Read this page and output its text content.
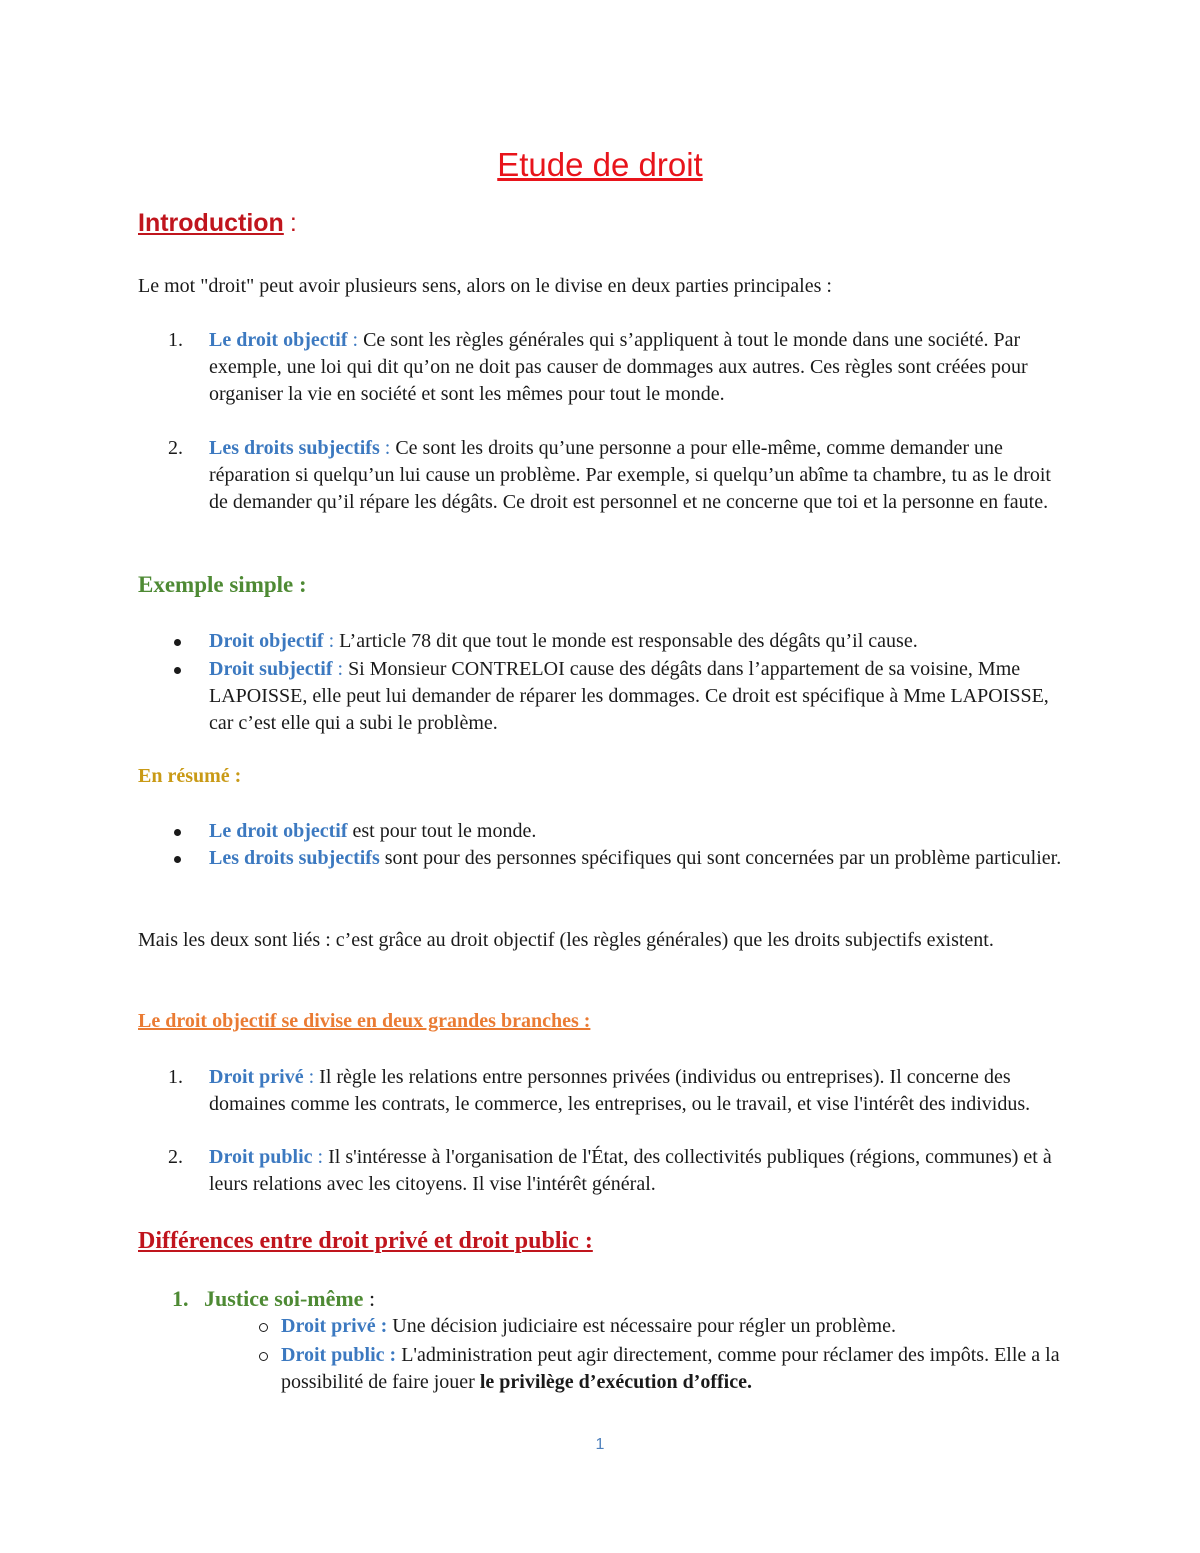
Etude de droit
Introduction :
Le mot "droit" peut avoir plusieurs sens, alors on le divise en deux parties principales :
1.	Le droit objectif : Ce sont les règles générales qui s’appliquent à tout le monde dans une société. Par exemple, une loi qui dit qu’on ne doit pas causer de dommages aux autres. Ces règles sont créées pour organiser la vie en société et sont les mêmes pour tout le monde.
2.	Les droits subjectifs : Ce sont les droits qu’une personne a pour elle-même, comme demander une réparation si quelqu’un lui cause un problème. Par exemple, si quelqu’un abîme ta chambre, tu as le droit de demander qu’il répare les dégâts. Ce droit est personnel et ne concerne que toi et la personne en faute.
Exemple simple :
Droit objectif : L’article 78 dit que tout le monde est responsable des dégâts qu’il cause.
Droit subjectif : Si Monsieur CONTRELOI cause des dégâts dans l’appartement de sa voisine, Mme LAPOISSE, elle peut lui demander de réparer les dommages. Ce droit est spécifique à Mme LAPOISSE, car c’est elle qui a subi le problème.
En résumé :
Le droit objectif est pour tout le monde.
Les droits subjectifs sont pour des personnes spécifiques qui sont concernées par un problème particulier.
Mais les deux sont liés : c’est grâce au droit objectif (les règles générales) que les droits subjectifs existent.
Le droit objectif se divise en deux grandes branches :
1.	Droit privé : Il règle les relations entre personnes privées (individus ou entreprises). Il concerne des domaines comme les contrats, le commerce, les entreprises, ou le travail, et vise l'intérêt des individus.
2.	Droit public : Il s'intéresse à l'organisation de l'État, des collectivités publiques (régions, communes) et à leurs relations avec les citoyens. Il vise l'intérêt général.
Différences entre droit privé et droit public :
1. Justice soi-même :
Droit privé : Une décision judiciaire est nécessaire pour régler un problème.
Droit public : L'administration peut agir directement, comme pour réclamer des impôts. Elle a la possibilité de faire jouer le privilège d’exécution d’office.
1
